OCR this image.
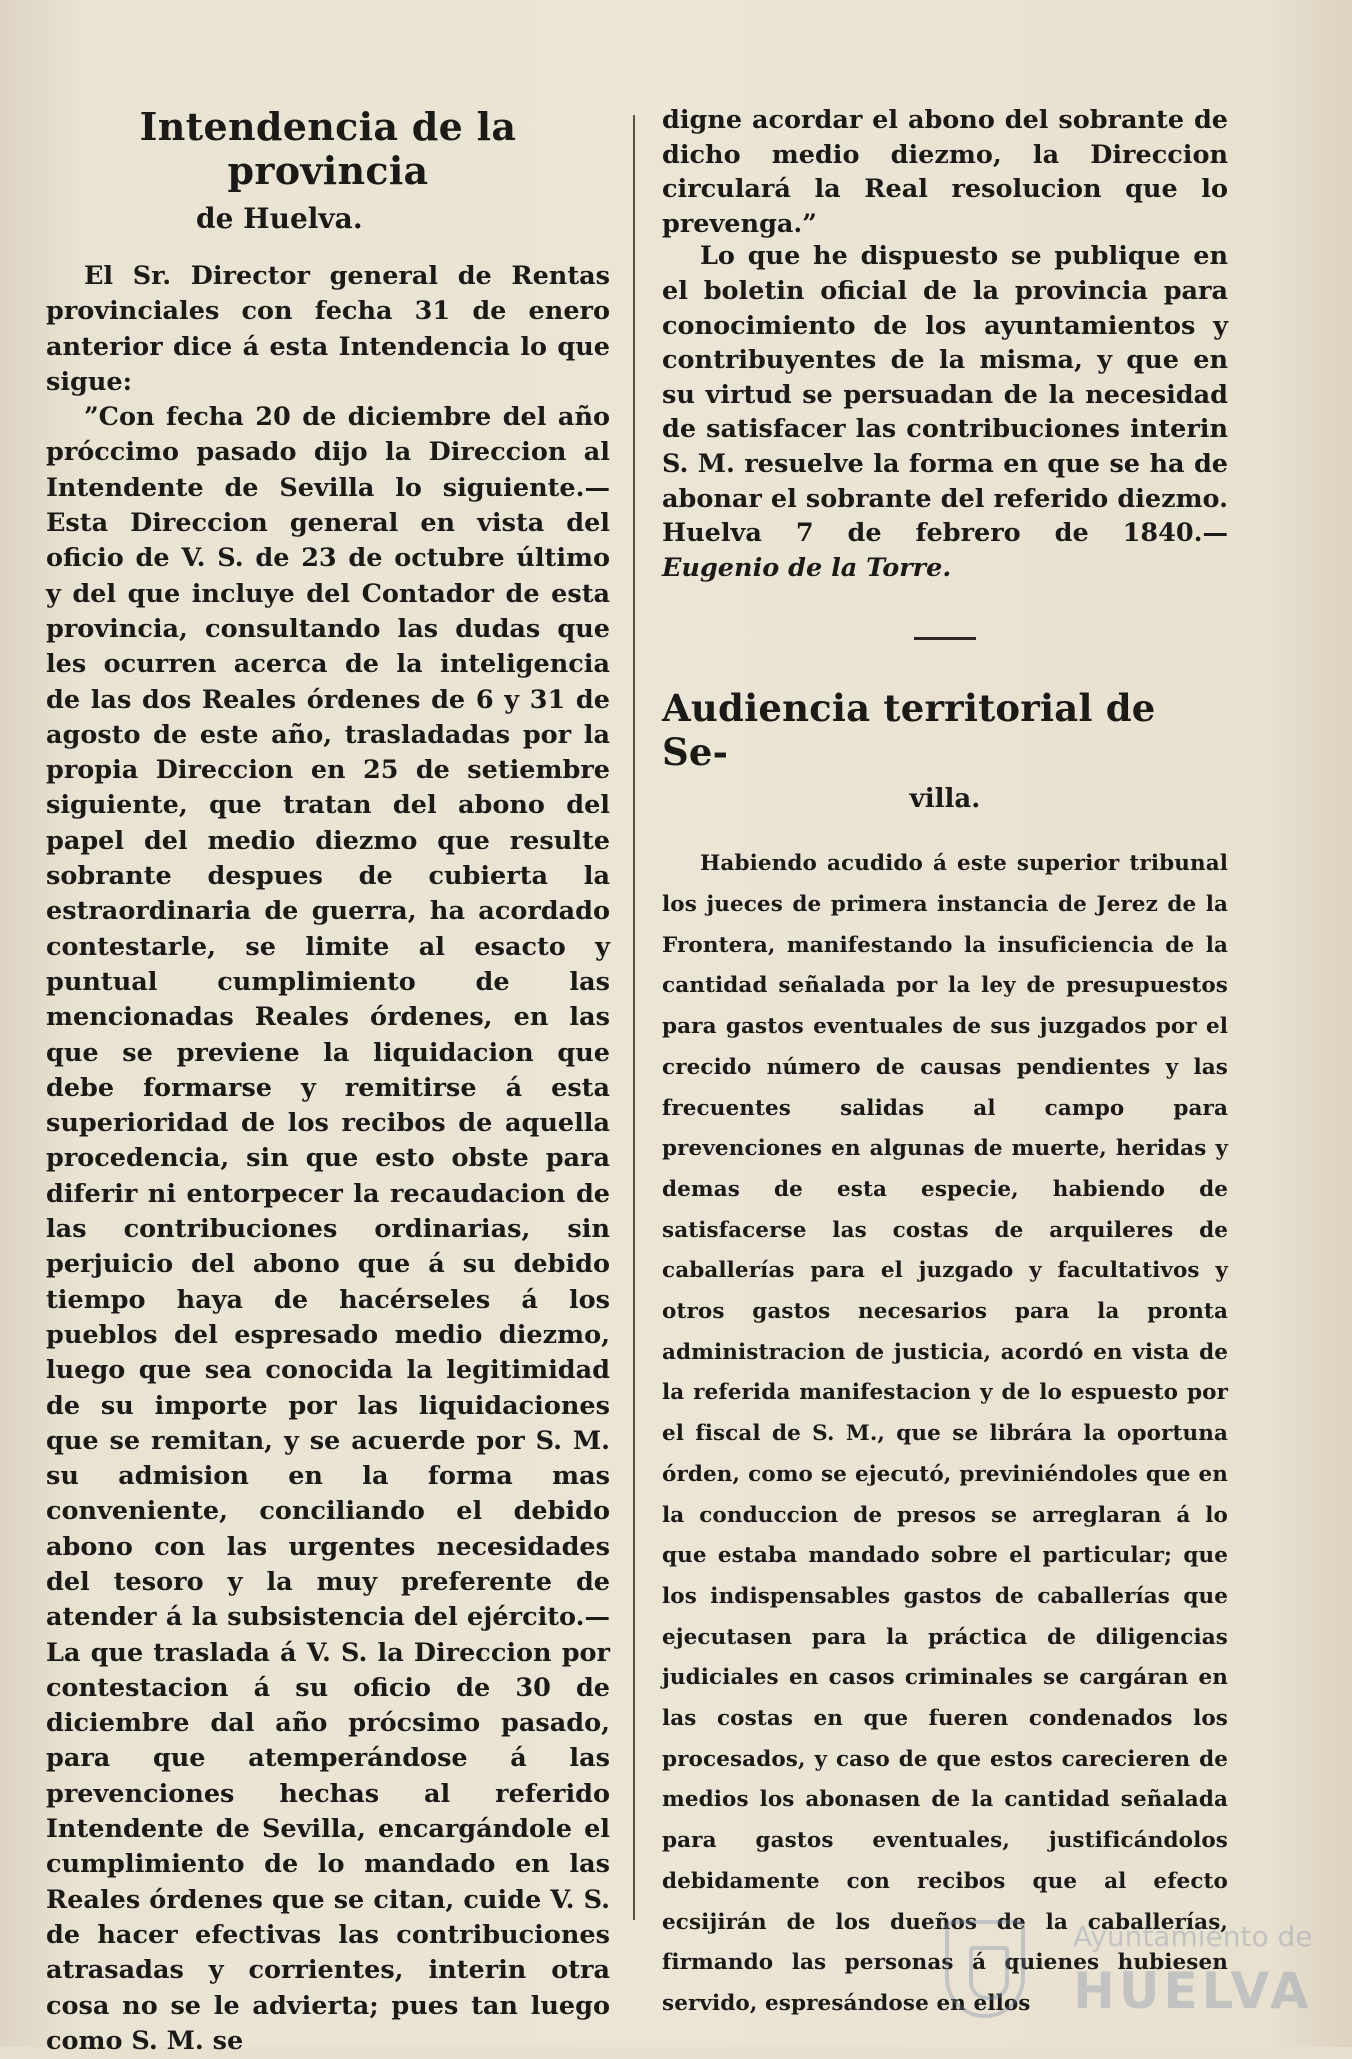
Intendencia de la provincia
de Huelva.

El Sr. Director general de Rentas provinciales con fecha 31 de enero anterior dice á esta Intendencia lo que sigue:

”Con fecha 20 de diciembre del año próccimo pasado dijo la Direccion al Intendente de Sevilla lo siguiente.— Esta Direccion general en vista del oficio de V. S. de 23 de octubre último y del que incluye del Contador de esta provincia, consultando las dudas que les ocurren acerca de la inteligencia de las dos Reales órdenes de 6 y 31 de agosto de este año, trasladadas por la propia Direccion en 25 de setiembre siguiente, que tratan del abono del papel del medio diezmo que resulte sobrante despues de cubierta la estraordinaria de guerra, ha acordado contestarle, se limite al esacto y puntual cumplimiento de las mencionadas Reales órdenes, en las que se previene la liquidacion que debe formarse y remitirse á esta superioridad de los recibos de aquella procedencia, sin que esto obste para diferir ni entorpecer la recaudacion de las contribuciones ordinarias, sin perjuicio del abono que á su debido tiempo haya de hacérseles á los pueblos del espresado medio diezmo, luego que sea conocida la legitimidad de su importe por las liquidaciones que se remitan, y se acuerde por S. M. su admision en la forma mas conveniente, conciliando el debido abono con las urgentes necesidades del tesoro y la muy preferente de atender á la subsistencia del ejército.—La que traslada á V. S. la Direccion por contestacion á su oficio de 30 de diciembre dal año prócsimo pasado, para que atemperándose á las prevenciones hechas al referido Intendente de Sevilla, encargándole el cumplimiento de lo mandado en las Reales órdenes que se citan, cuide V. S. de hacer efectivas las contribuciones atrasadas y corrientes, interin otra cosa no se le advierta; pues tan luego como S. M. se

digne acordar el abono del sobrante de dicho medio diezmo, la Direccion circulará la Real resolucion que lo prevenga.”

Lo que he dispuesto se publique en el boletin oficial de la provincia para conocimiento de los ayuntamientos y contribuyentes de la misma, y que en su virtud se persuadan de la necesidad de satisfacer las contribuciones interin S. M. resuelve la forma en que se ha de abonar el sobrante del referido diezmo. Huelva 7 de febrero de 1840.— Eugenio de la Torre.

Audiencia territorial de Se-
villa.

Habiendo acudido á este superior tribunal los jueces de primera instancia de Jerez de la Frontera, manifestando la insuficiencia de la cantidad señalada por la ley de presupuestos para gastos eventuales de sus juzgados por el crecido número de causas pendientes y las frecuentes salidas al campo para prevenciones en algunas de muerte, heridas y demas de esta especie, habiendo de satisfacerse las costas de arquileres de caballerías para el juzgado y facultativos y otros gastos necesarios para la pronta administracion de justicia, acordó en vista de la referida manifestacion y de lo espuesto por el fiscal de S. M., que se librára la oportuna órden, como se ejecutó, previniéndoles que en la conduccion de presos se arreglaran á lo que estaba mandado sobre el particular; que los indispensables gastos de caballerías que ejecutasen para la práctica de diligencias judiciales en casos criminales se cargáran en las costas en que fueren condenados los procesados, y caso de que estos carecieren de medios los abonasen de la cantidad señalada para gastos eventuales, justificándolos debidamente con recibos que al efecto ecsijirán de los dueños de la caballerías, firmando las personas á quienes hubiesen servido, espresándose en ellos

Ayuntamiento de
HUELVA
